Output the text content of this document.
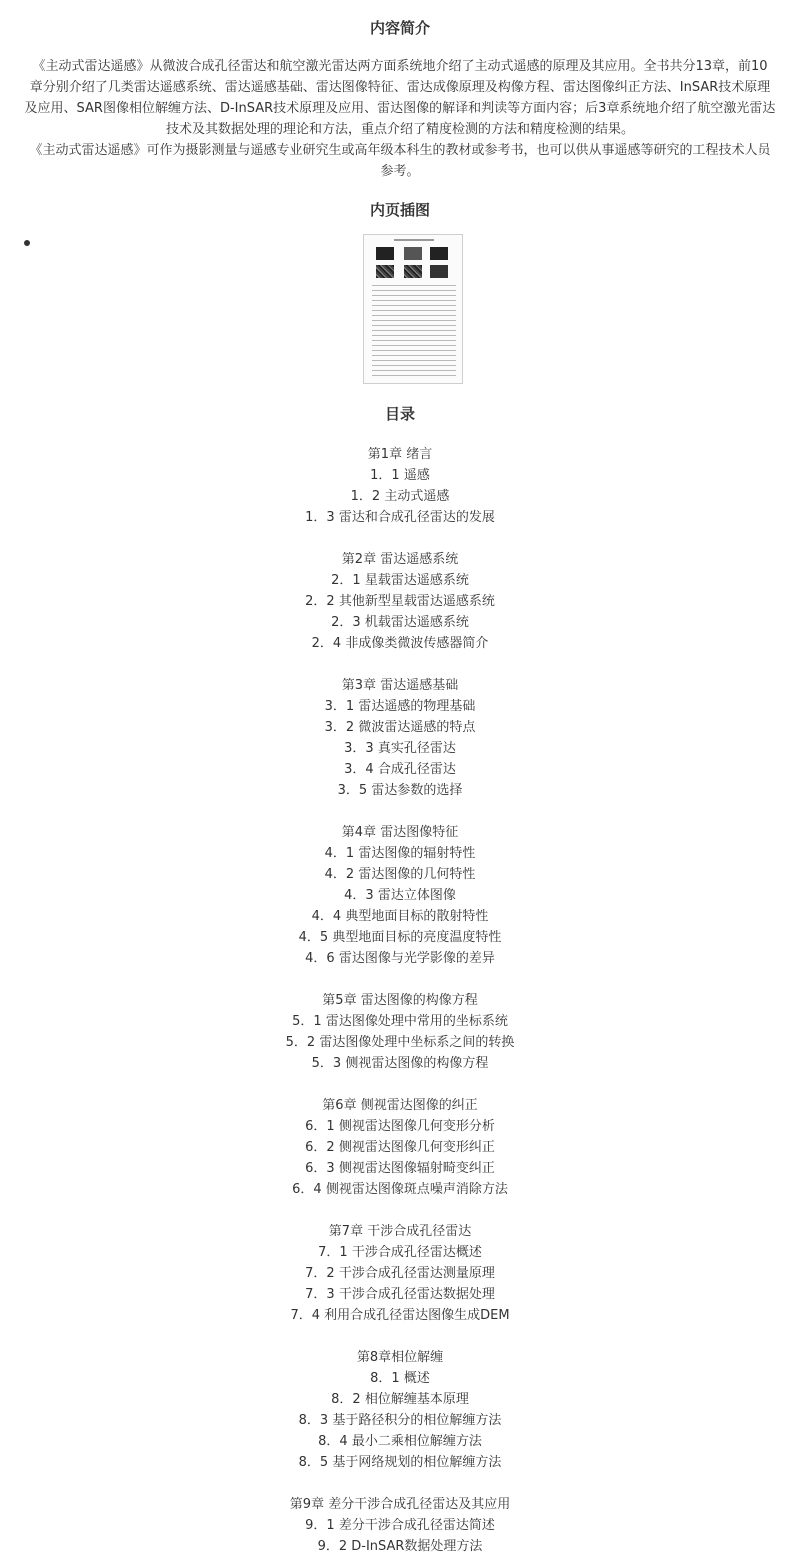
内容简介

《主动式雷达遥感》从微波合成孔径雷达和航空激光雷达两方面系统地介绍了主动式遥感的原理及其应用。全书共分13章，前10
章分别介绍了几类雷达遥感系统、雷达遥感基础、雷达图像特征、雷达成像原理及构像方程、雷达图像纠正方法、InSAR技术原理
及应用、SAR图像相位解缠方法、D-InSAR技术原理及应用、雷达图像的解译和判读等方面内容；后3章系统地介绍了航空激光雷达
技术及其数据处理的理论和方法，重点介绍了精度检测的方法和精度检测的结果。

《主动式雷达遥感》可作为摄影测量与遥感专业研究生或高年级本科生的教材或参考书，也可以供从事遥感等研究的工程技术人员
参考。

内页插图
目录
第1章 绪言
1．1 遥感
1．2 主动式遥感
1．3 雷达和合成孔径雷达的发展
第2章 雷达遥感系统
2．1 星载雷达遥感系统
2．2 其他新型星载雷达遥感系统
2．3 机载雷达遥感系统
2．4 非成像类微波传感器简介
第3章 雷达遥感基础
3．1 雷达遥感的物理基础
3．2 微波雷达遥感的特点
3．3 真实孔径雷达
3．4 合成孔径雷达
3．5 雷达参数的选择
第4章 雷达图像特征
4．1 雷达图像的辐射特性
4．2 雷达图像的几何特性
4．3 雷达立体图像
4．4 典型地面目标的散射特性
4．5 典型地面目标的亮度温度特性
4．6 雷达图像与光学影像的差异
第5章 雷达图像的构像方程
5．1 雷达图像处理中常用的坐标系统
5．2 雷达图像处理中坐标系之间的转换
5．3 侧视雷达图像的构像方程
第6章 侧视雷达图像的纠正
6．1 侧视雷达图像几何变形分析
6．2 侧视雷达图像几何变形纠正
6．3 侧视雷达图像辐射畸变纠正
6．4 侧视雷达图像斑点噪声消除方法
第7章 干涉合成孔径雷达
7．1 干涉合成孔径雷达概述
7．2 干涉合成孔径雷达测量原理
7．3 干涉合成孔径雷达数据处理
7．4 利用合成孔径雷达图像生成DEM
第8章相位解缠
8．1 概述
8．2 相位解缠基本原理
8．3 基于路径积分的相位解缠方法
8．4 最小二乘相位解缠方法
8．5 基于网络规划的相位解缠方法
第9章 差分干涉合成孔径雷达及其应用
9．1 差分干涉合成孔径雷达简述
9．2 D-InSAR数据处理方法
